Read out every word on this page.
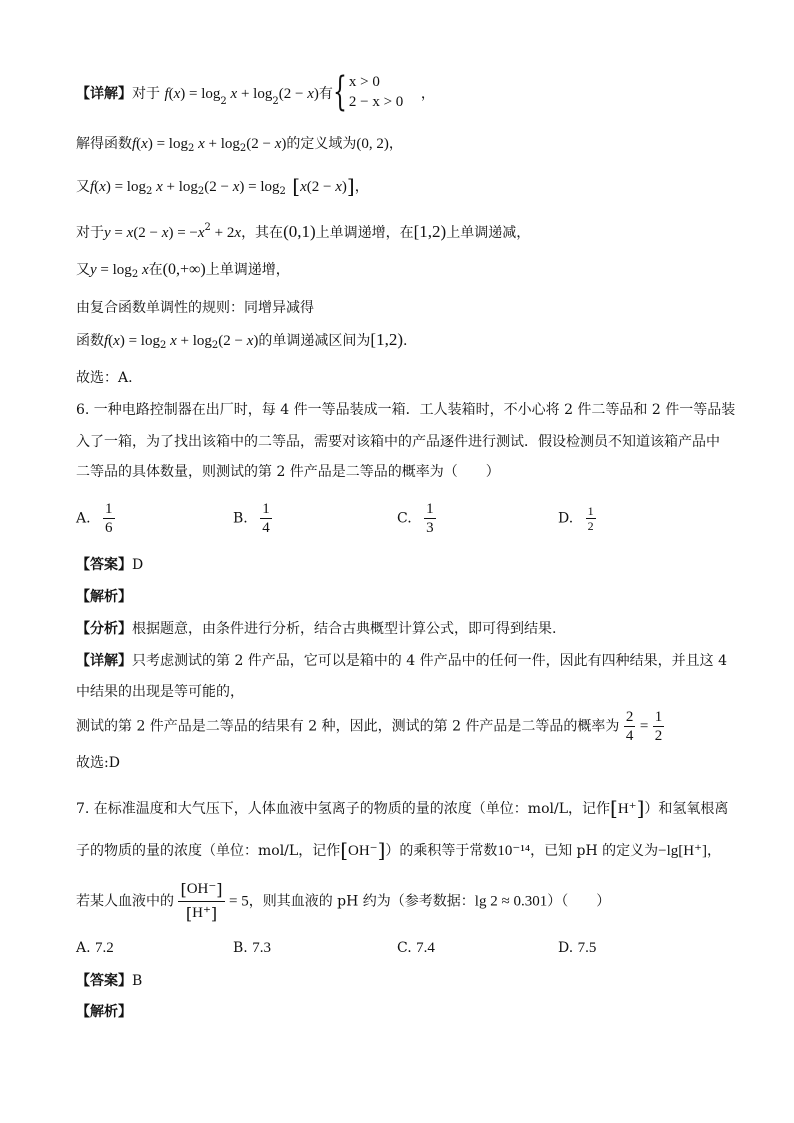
【详解】对于 $f(x) = \log_2 x + \log_2(2 - x)$有 { x > 0
2 − x > 0 ，
解得函数$f(x) = \log_2 x + \log_2(2 - x)$的定义域为(0, 2)，
又$f(x) = \log_2 x + \log_2(2 - x) = \log_2 [x(2 - x)]$，
对于$y = x(2 - x) = -x^2 + 2x$，其在(0,1)上单调递增，在[1,2)上单调递减，
又$y = \log_2 x$在(0,+∞)上单调递增，
由复合函数单调性的规则：同增异减得
函数$f(x) = \log_2 x + \log_2(2 - x)$的单调递减区间为[1,2).
故选：A.
6. 一种电路控制器在出厂时，每 4 件一等品装成一箱．工人装箱时，不小心将 2 件二等品和 2 件一等品装
入了一箱，为了找出该箱中的二等品，需要对该箱中的产品逐件进行测试．假设检测员不知道该箱产品中
二等品的具体数量，则测试的第 2 件产品是二等品的概率为（　　）
A. $\frac{1}{6}$	B. $\frac{1}{4}$	C. $\frac{1}{3}$	D. $\frac{1}{2}$
【答案】D
【解析】
【分析】根据题意，由条件进行分析，结合古典概型计算公式，即可得到结果.
【详解】只考虑测试的第 2 件产品，它可以是箱中的 4 件产品中的任何一件，因此有四种结果，并且这 4
中结果的出现是等可能的，
测试的第 2 件产品是二等品的结果有 2 种，因此，测试的第 2 件产品是二等品的概率为 $\frac{2}{4} = \frac{1}{2}$
故选:D
7. 在标准温度和大气压下，人体血液中氢离子的物质的量的浓度（单位：mol/L，记作[H⁺]）和氢氧根离
子的物质的量的浓度（单位：mol/L，记作[OH⁻]）的乘积等于常数10⁻¹⁴，已知 pH 的定义为−lg[H⁺]，
若某人血液中的 $\frac{[OH^-]}{[H^+]} = 5$，则其血液的 pH 约为（参考数据：lg 2 ≈ 0.301）（　　）
A. 7.2	B. 7.3	C. 7.4	D. 7.5
【答案】B
【解析】
